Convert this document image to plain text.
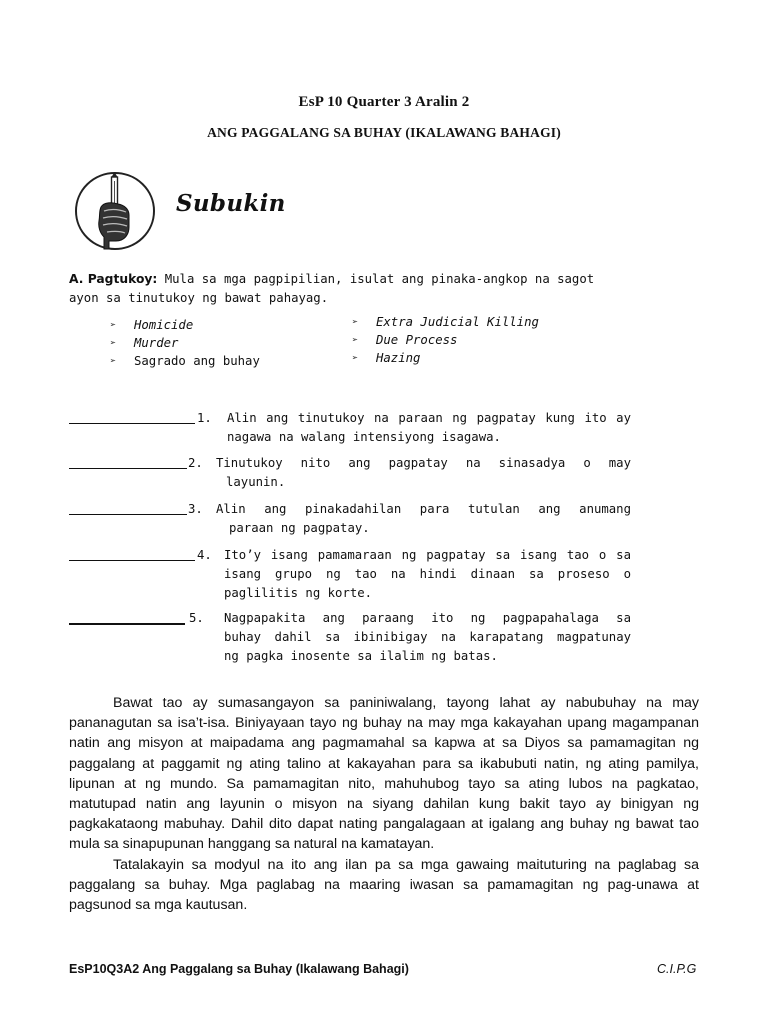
EsP 10 Quarter 3 Aralin 2
ANG PAGGALANG SA BUHAY (IKALAWANG BAHAGI)
Subukin
A. Pagtukoy: Mula sa mga pagpipilian, isulat ang pinaka-angkop na sagot ayon sa tinutukoy ng bawat pahayag.
➢	Homicide
➢	Murder
➢	Sagrado ang buhay
➢	Extra Judicial Killing
➢	Due Process
➢	Hazing
1. Alin ang tinutukoy na paraan ng pagpatay kung ito ay
nagawa na walang intensiyong isagawa.
2. Tinutukoy nito ang pagpatay na sinasadya o may
layunin.
3. Alin ang pinakadahilan para tutulan ang anumang
paraan ng pagpatay.
4. Ito’y isang pamamaraan ng pagpatay sa isang tao o sa
isang grupo ng tao na hindi dinaan sa proseso o
paglilitis ng korte.
5. Nagpapakita ang paraang ito ng pagpapahalaga sa
buhay dahil sa ibinibigay na karapatang magpatunay
ng pagka inosente sa ilalim ng batas.

Bawat tao ay sumasangayon sa paniniwalang, tayong lahat ay nabubuhay na may pananagutan sa isa’t-isa. Biniyayaan tayo ng buhay na may mga kakayahan upang magampanan natin ang misyon at maipadama ang pagmamahal sa kapwa at sa Diyos sa pamamagitan ng paggalang at paggamit ng ating talino at kakayahan para sa ikabubuti natin, ng ating pamilya, lipunan at ng mundo. Sa pamamagitan nito, mahuhubog tayo sa ating lubos na pagkatao, matutupad natin ang layunin o misyon na siyang dahilan kung bakit tayo ay binigyan ng pagkakataong mabuhay. Dahil dito dapat nating pangalagaan at igalang ang buhay ng bawat tao mula sa sinapupunan hanggang sa natural na kamatayan.

Tatalakayin sa modyul na ito ang ilan pa sa mga gawaing maituturing na paglabag sa paggalang sa buhay. Mga paglabag na maaring iwasan sa pamamagitan ng pag-unawa at pagsunod sa mga kautusan.

EsP10Q3A2 Ang Paggalang sa Buhay (Ikalawang Bahagi)	C.I.P.G
